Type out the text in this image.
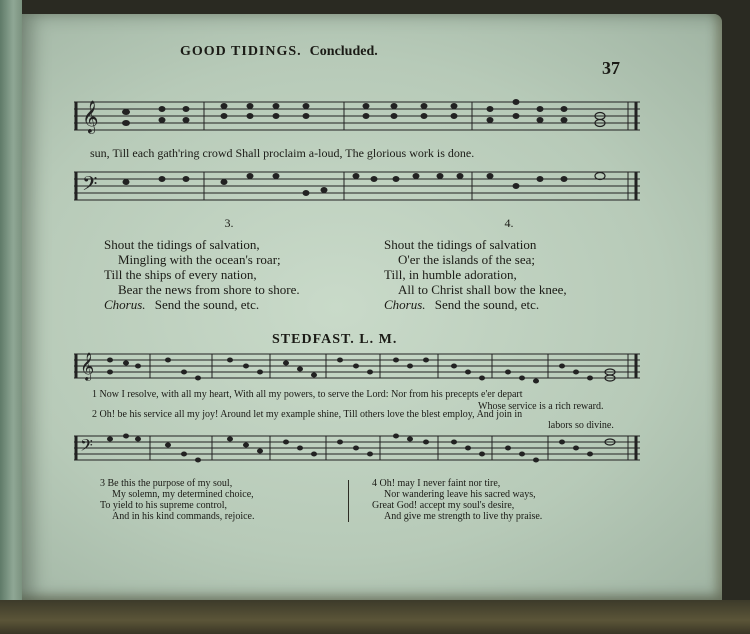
GOOD TIDINGS. Concluded.
37
𝄞
sun, Till each gath'ring crowd Shall proclaim a-loud, The glorious work is done.
𝄢
3.
Shout the tidings of salvation,
Mingling with the ocean's roar;
Till the ships of every nation,
Bear the news from shore to shore.
Chorus. Send the sound, etc.
4.
Shout the tidings of salvation
O'er the islands of the sea;
Till, in humble adoration,
All to Christ shall bow the knee,
Chorus. Send the sound, etc.
STEDFAST. L. M.
𝄞
1 Now I resolve, with all my heart, With all my powers, to serve the Lord: Nor from his precepts e'er depart
Whose service is a rich reward.
2 Oh! be his service all my joy! Around let my example shine, Till others love the blest employ, And join in
labors so divine.
𝄢
3 Be this the purpose of my soul,
My solemn, my determined choice,
To yield to his supreme control,
And in his kind commands, rejoice.
4 Oh! may I never faint nor tire,
Nor wandering leave his sacred ways,
Great God! accept my soul's desire,
And give me strength to live thy praise.
